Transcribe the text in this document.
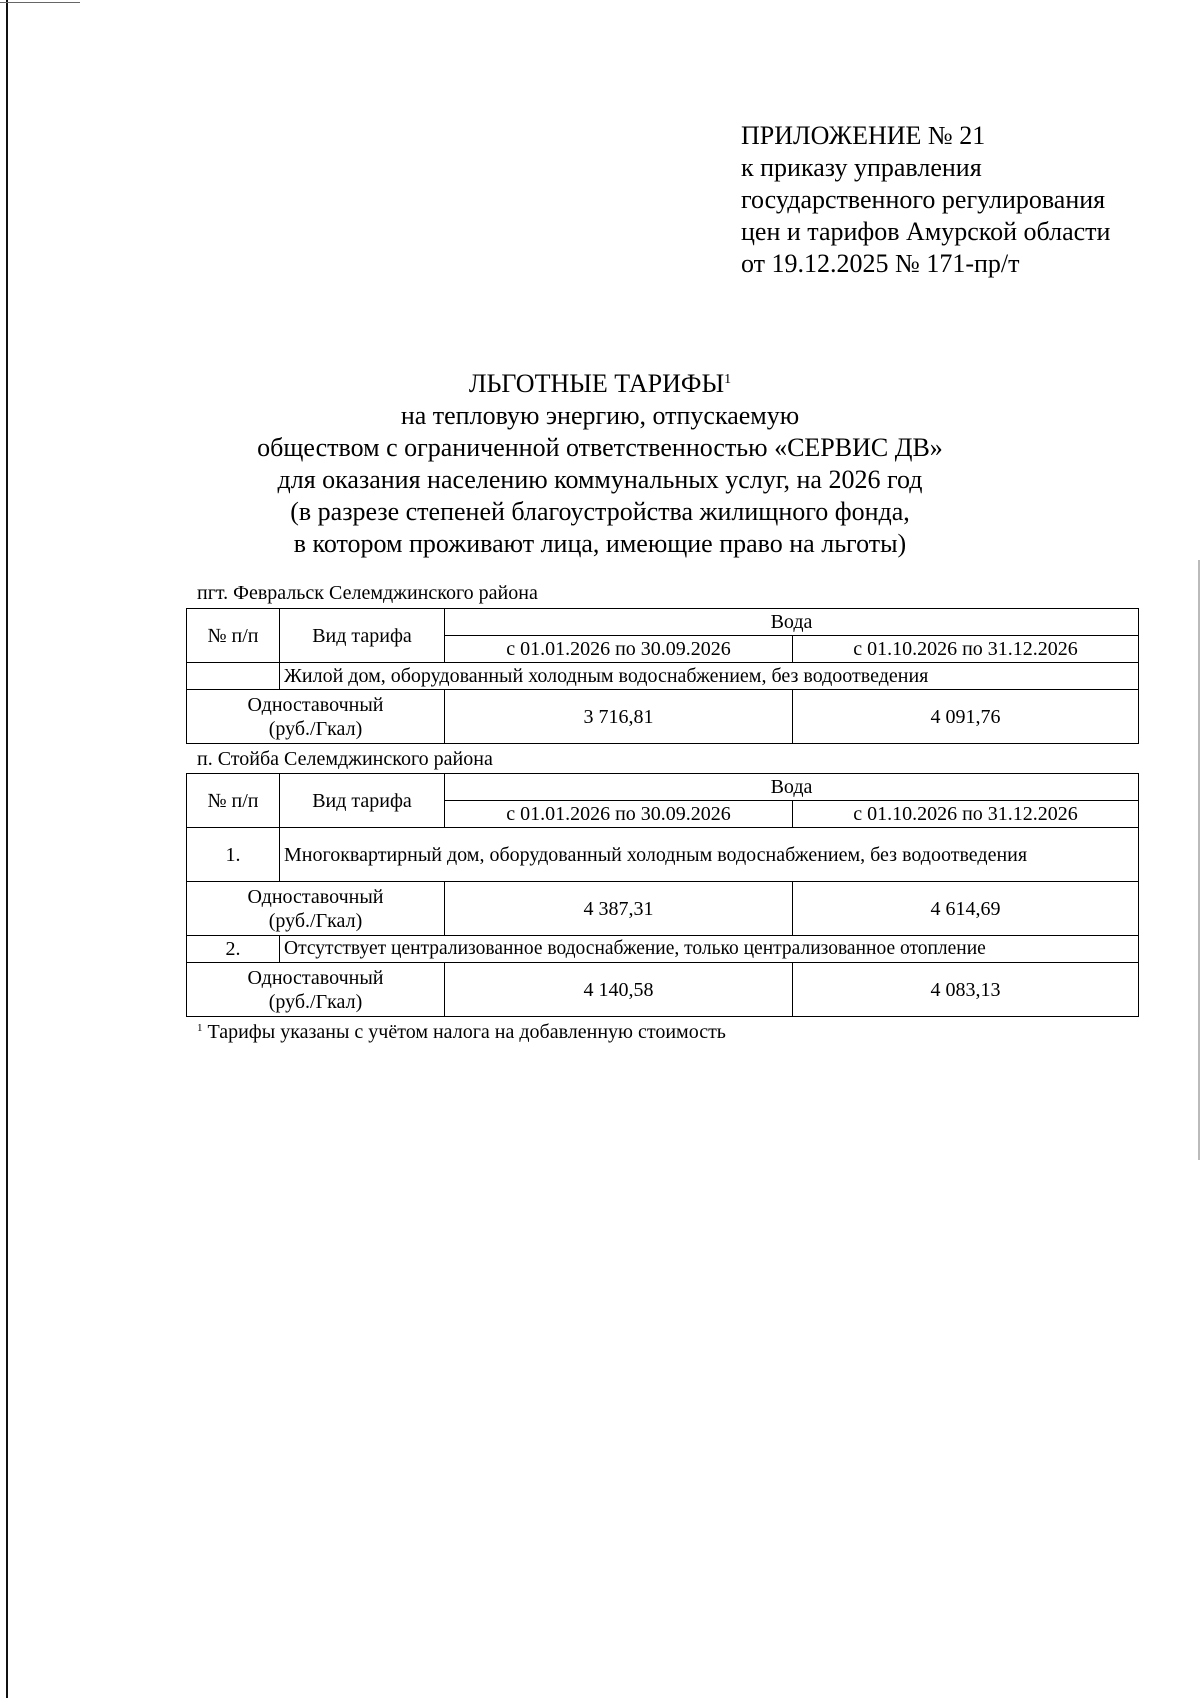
ПРИЛОЖЕНИЕ № 21
к приказу управления
государственного регулирования
цен и тарифов Амурской области
от 19.12.2025 № 171-пр/т
ЛЬГОТНЫЕ ТАРИФЫ$^1$
на тепловую энергию, отпускаемую
обществом с ограниченной ответственностью «СЕРВИС ДВ»
для оказания населению коммунальных услуг, на 2026 год
(в разрезе степеней благоустройства жилищного фонда,
в котором проживают лица, имеющие право на льготы)
пгт. Февральск Селемджинского района
№ п/п	Вид тарифа	Вода	
		с 01.01.2026 по 30.09.2026	с 01.10.2026 по 31.12.2026
	Жилой дом, оборудованный холодным водоснабжением, без водоотведения		

Одноставочный
(руб./Гкал)		3 716,81	4 091,76
п. Стойба Селемджинского района
№ п/п	Вид тарифа	Вода	
		с 01.01.2026 по 30.09.2026	с 01.10.2026 по 31.12.2026
1.	Многоквартирный дом, оборудованный холодным водоснабжением, без водоотведения		

Одноставочный
(руб./Гкал)		4 387,31	4 614,69
2.	Отсутствует централизованное водоснабжение, только централизованное отопление		

Одноставочный
(руб./Гкал)		4 140,58	4 083,13
$^1$ Тарифы указаны с учётом налога на добавленную стоимость
